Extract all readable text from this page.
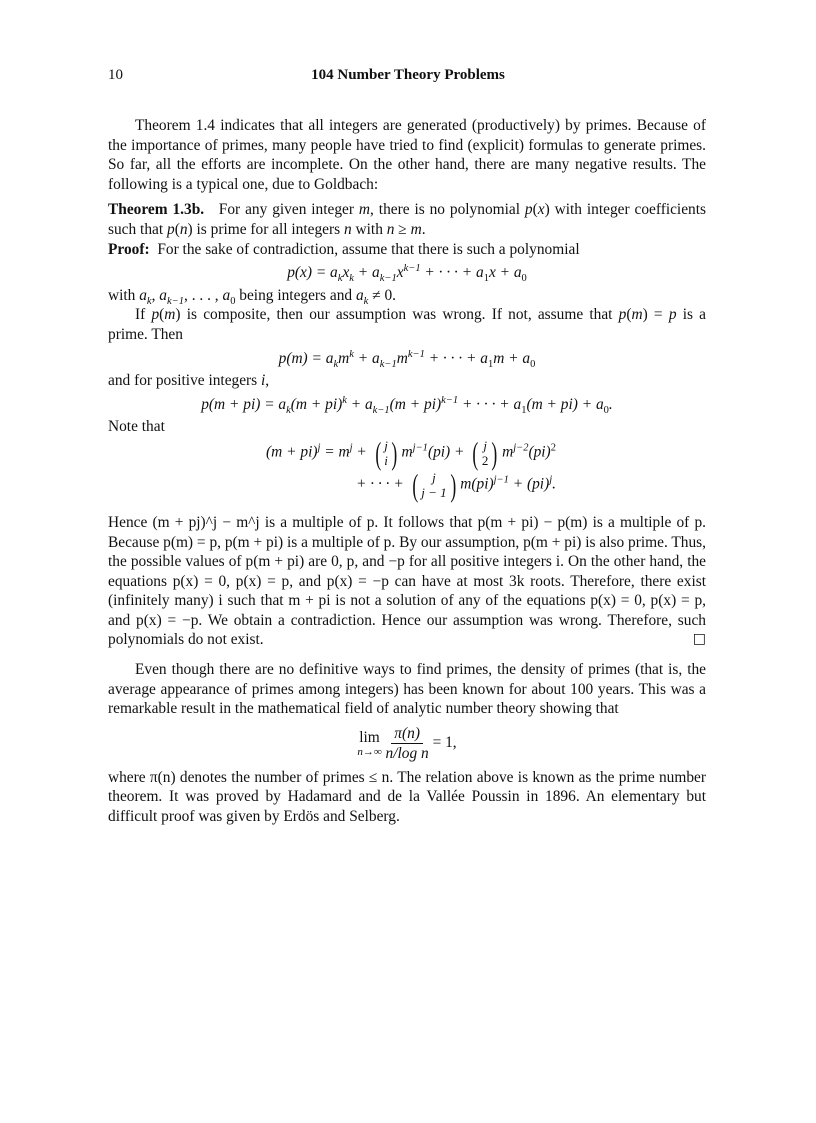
10	104 Number Theory Problems

Theorem 1.4 indicates that all integers are generated (productively) by primes. Because of the importance of primes, many people have tried to find (explicit) formulas to generate primes. So far, all the efforts are incomplete. On the other hand, there are many negative results. The following is a typical one, due to Goldbach:

Theorem 1.3b.   For any given integer m, there is no polynomial p(x) with integer coefficients such that p(n) is prime for all integers n with n ≥ m.

Proof: For the sake of contradiction, assume that there is such a polynomial

$p(x) = a_kx_k + a_{k-1}x^{k-1}$ + · · · + $a_1x + a_0$

with $a_k$, $a_{k-1}$, . . . , $a_0$ being integers and $a_k \ne 0$.

If p(m) is composite, then our assumption was wrong. If not, assume that p(m) = p is a prime. Then

$p(m) = a_km^k + a_{k-1}m^{k-1}$ + · · · + $a_1m + a_0$

and for positive integers i,

$p(m + pi) = a_k(m + pi)^k + a_{k-1}(m + pi)^{k-1}$ + · · · + $a_1(m + pi) + a_0$.

Note that

$(m + pi)^j = m^j$ + ( j
i ) $m^{j-1}(pi)$ + ( j
2 ) $m^{j-2}(pi)^2$
+ · · · + ( j
j − 1 ) m(pi)$^{j-1}$ + (pi)$^j$.

Hence (m + pj)^j − m^j is a multiple of p. It follows that p(m + pi) − p(m) is a multiple of p. Because p(m) = p, p(m + pi) is a multiple of p. By our assumption, p(m + pi) is also prime. Thus, the possible values of p(m + pi) are 0, p, and −p for all positive integers i. On the other hand, the equations p(x) = 0, p(x) = p, and p(x) = −p can have at most 3k roots. Therefore, there exist (infinitely many) i such that m + pi is not a solution of any of the equations p(x) = 0, p(x) = p, and p(x) = −p. We obtain a contradiction. Hence our assumption was wrong. Therefore, such polynomials do not exist.	□

Even though there are no definitive ways to find primes, the density of primes (that is, the average appearance of primes among integers) has been known for about 100 years. This was a remarkable result in the mathematical field of analytic number theory showing that

lim
n→∞
$\frac{\pi(n)}{\text{n/log n}} = 1$,

where π(n) denotes the number of primes ≤ n. The relation above is known as the prime number theorem. It was proved by Hadamard and de la Vallée Poussin in 1896. An elementary but difficult proof was given by Erdös and Selberg.
